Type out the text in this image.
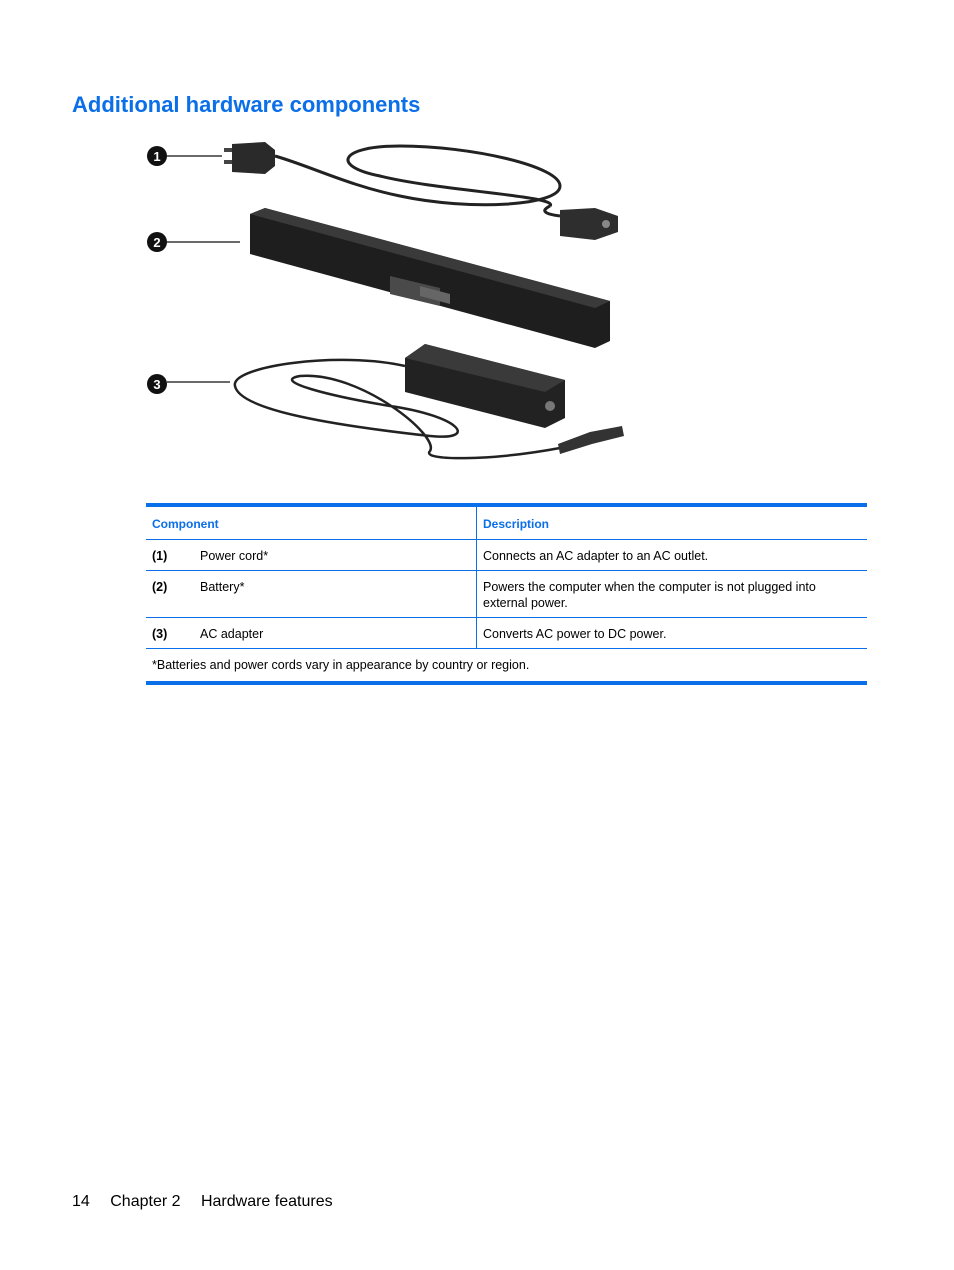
Additional hardware components
1
2
3
Component		Description
(1)	Power cord*	Connects an AC adapter to an AC outlet.
(2)	Battery*	Powers the computer when the computer is not plugged into external power.
(3)	AC adapter	Converts AC power to DC power.
*Batteries and power cords vary in appearance by country or region.		
14 Chapter 2 Hardware features
